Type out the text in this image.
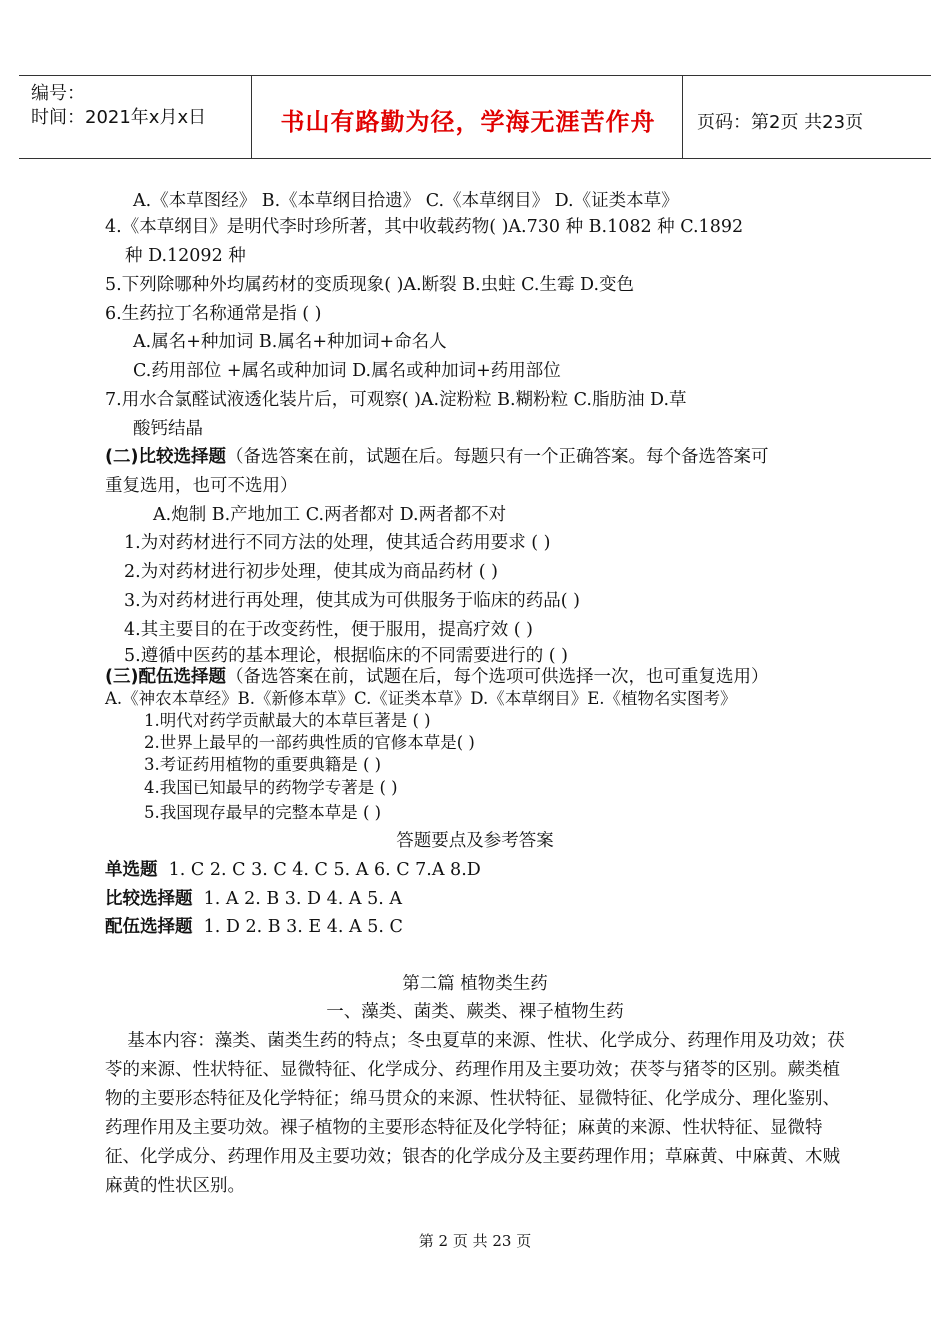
编号：
时间：2021年x月x日	书山有路勤为径，学海无涯苦作舟	页码：第2页 共23页
A.《本草图经》 B.《本草纲目拾遗》 C.《本草纲目》 D.《证类本草》
4.《本草纲目》是明代李时珍所著，其中收载药物( )A.730 种 B.1082 种 C.1892
种 D.12092 种
5.下列除哪种外均属药材的变质现象( )A.断裂 B.虫蛀 C.生霉 D.变色
6.生药拉丁名称通常是指 ( )
A.属名+种加词 B.属名+种加词+命名人
C.药用部位 +属名或种加词 D.属名或种加词+药用部位
7.用水合氯醛试液透化装片后，可观察( )A.淀粉粒 B.糊粉粒 C.脂肪油 D.草
酸钙结晶
(二)比较选择题（备选答案在前，试题在后。每题只有一个正确答案。每个备选答案可
重复选用，也可不选用）
A.炮制 B.产地加工 C.两者都对 D.两者都不对
1.为对药材进行不同方法的处理，使其适合药用要求 ( )
2.为对药材进行初步处理，使其成为商品药材 ( )
3.为对药材进行再处理，使其成为可供服务于临床的药品( )
4.其主要目的在于改变药性，便于服用，提高疗效 ( )
5.遵循中医药的基本理论，根据临床的不同需要进行的 ( )
(三)配伍选择题（备选答案在前，试题在后，每个选项可供选择一次，也可重复选用）
A.《神农本草经》B.《新修本草》C.《证类本草》D.《本草纲目》E.《植物名实图考》
1.明代对药学贡献最大的本草巨著是 ( )
2.世界上最早的一部药典性质的官修本草是( )
3.考证药用植物的重要典籍是 ( )
4.我国已知最早的药物学专著是 ( )
5.我国现存最早的完整本草是 ( )
答题要点及参考答案
单选题 1. C 2. C 3. C 4. C 5. A 6. C 7.A 8.D
比较选择题 1. A 2. B 3. D 4. A 5. A
配伍选择题 1. D 2. B 3. E 4. A 5. C
第二篇 植物类生药
一、藻类、菌类、蕨类、裸子植物生药
基本内容：藻类、菌类生药的特点；冬虫夏草的来源、性状、化学成分、药理作用及功效；茯苓的来源、性状特征、显微特征、化学成分、药理作用及主要功效；茯苓与猪苓的区别。蕨类植物的主要形态特征及化学特征；绵马贯众的来源、性状特征、显微特征、化学成分、理化鉴别、药理作用及主要功效。裸子植物的主要形态特征及化学特征；麻黄的来源、性状特征、显微特征、化学成分、药理作用及主要功效；银杏的化学成分及主要药理作用；草麻黄、中麻黄、木贼麻黄的性状区别。
第 2 页 共 23 页
